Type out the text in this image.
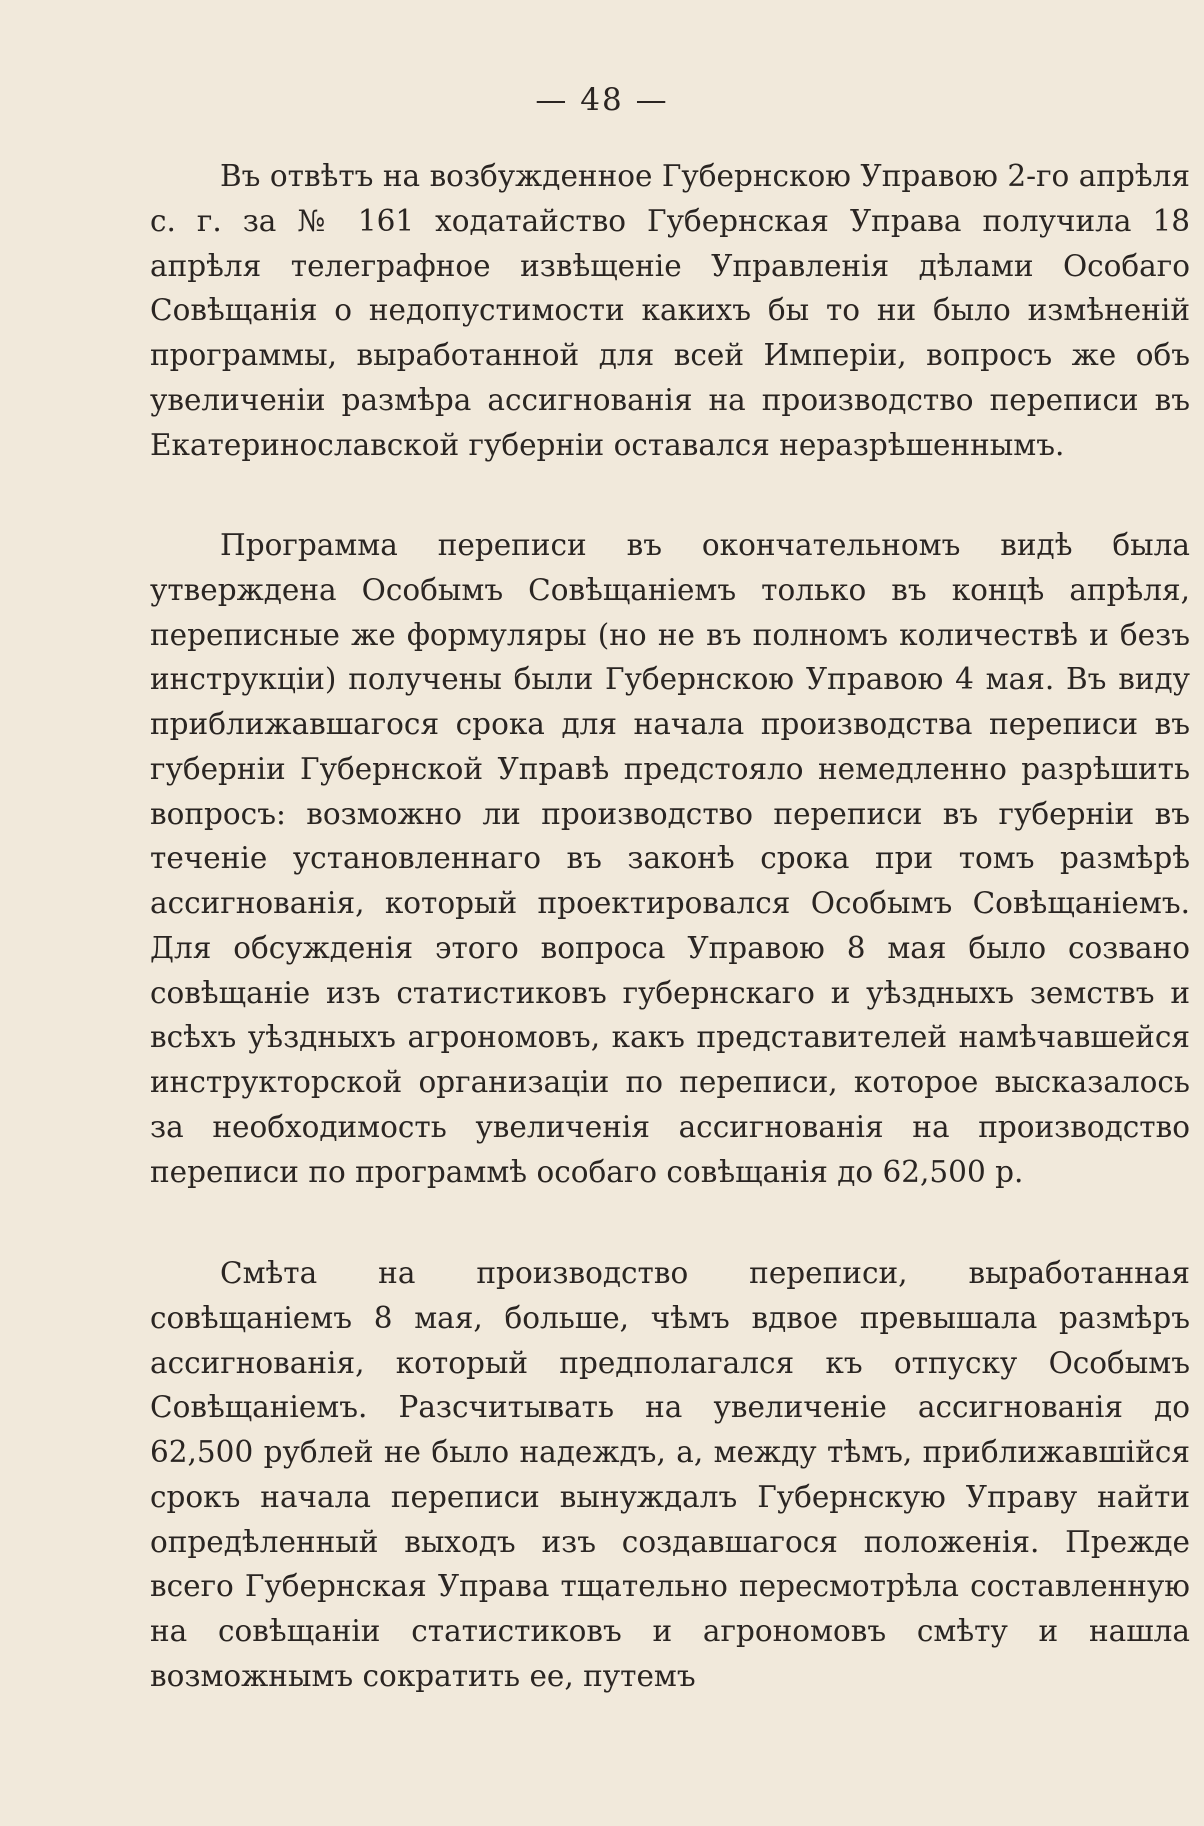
— 48 —

Въ отвѣтъ на возбужденное Губернскою Управою 2-го апрѣля с. г. за № 161 ходатайство Губернская Управа получила 18 апрѣля телеграфное извѣщеніе Управленія дѣлами Особаго Совѣщанія о недопустимости какихъ бы то ни было измѣненій программы, выработанной для всей Имперіи, вопросъ же объ увеличеніи размѣра ассигнованія на производство переписи въ Екатеринославской губерніи оставался неразрѣшеннымъ.

Программа переписи въ окончательномъ видѣ была утверждена Особымъ Совѣщаніемъ только въ концѣ апрѣля, переписные же формуляры (но не въ полномъ количествѣ и безъ инструкціи) получены были Губернскою Управою 4 мая. Въ виду приближавшагося срока для начала производства переписи въ губерніи Губернской Управѣ предстояло немедленно разрѣшить вопросъ: возможно ли производство переписи въ губерніи въ теченіе установленнаго въ законѣ срока при томъ размѣрѣ ассигнованія, который проектировался Особымъ Совѣщаніемъ. Для обсужденія этого вопроса Управою 8 мая было созвано совѣщаніе изъ статистиковъ губернскаго и уѣздныхъ земствъ и всѣхъ уѣздныхъ агрономовъ, какъ представителей намѣчавшейся инструкторской организаціи по переписи, которое высказалось за необходимость увеличенія ассигнованія на производство переписи по программѣ особаго совѣщанія до 62,500 р.

Смѣта на производство переписи, выработанная совѣщаніемъ 8 мая, больше, чѣмъ вдвое превышала размѣръ ассигнованія, который предполагался къ отпуску Особымъ Совѣщаніемъ. Разсчитывать на увеличеніе ассигнованія до 62,500 рублей не было надеждъ, а, между тѣмъ, приближавшійся срокъ начала переписи вынуждалъ Губернскую Управу найти опредѣленный выходъ изъ создавшагося положенія. Прежде всего Губернская Управа тщательно пересмотрѣла составленную на совѣщаніи статистиковъ и агрономовъ смѣту и нашла возможнымъ сократить ее, путемъ
